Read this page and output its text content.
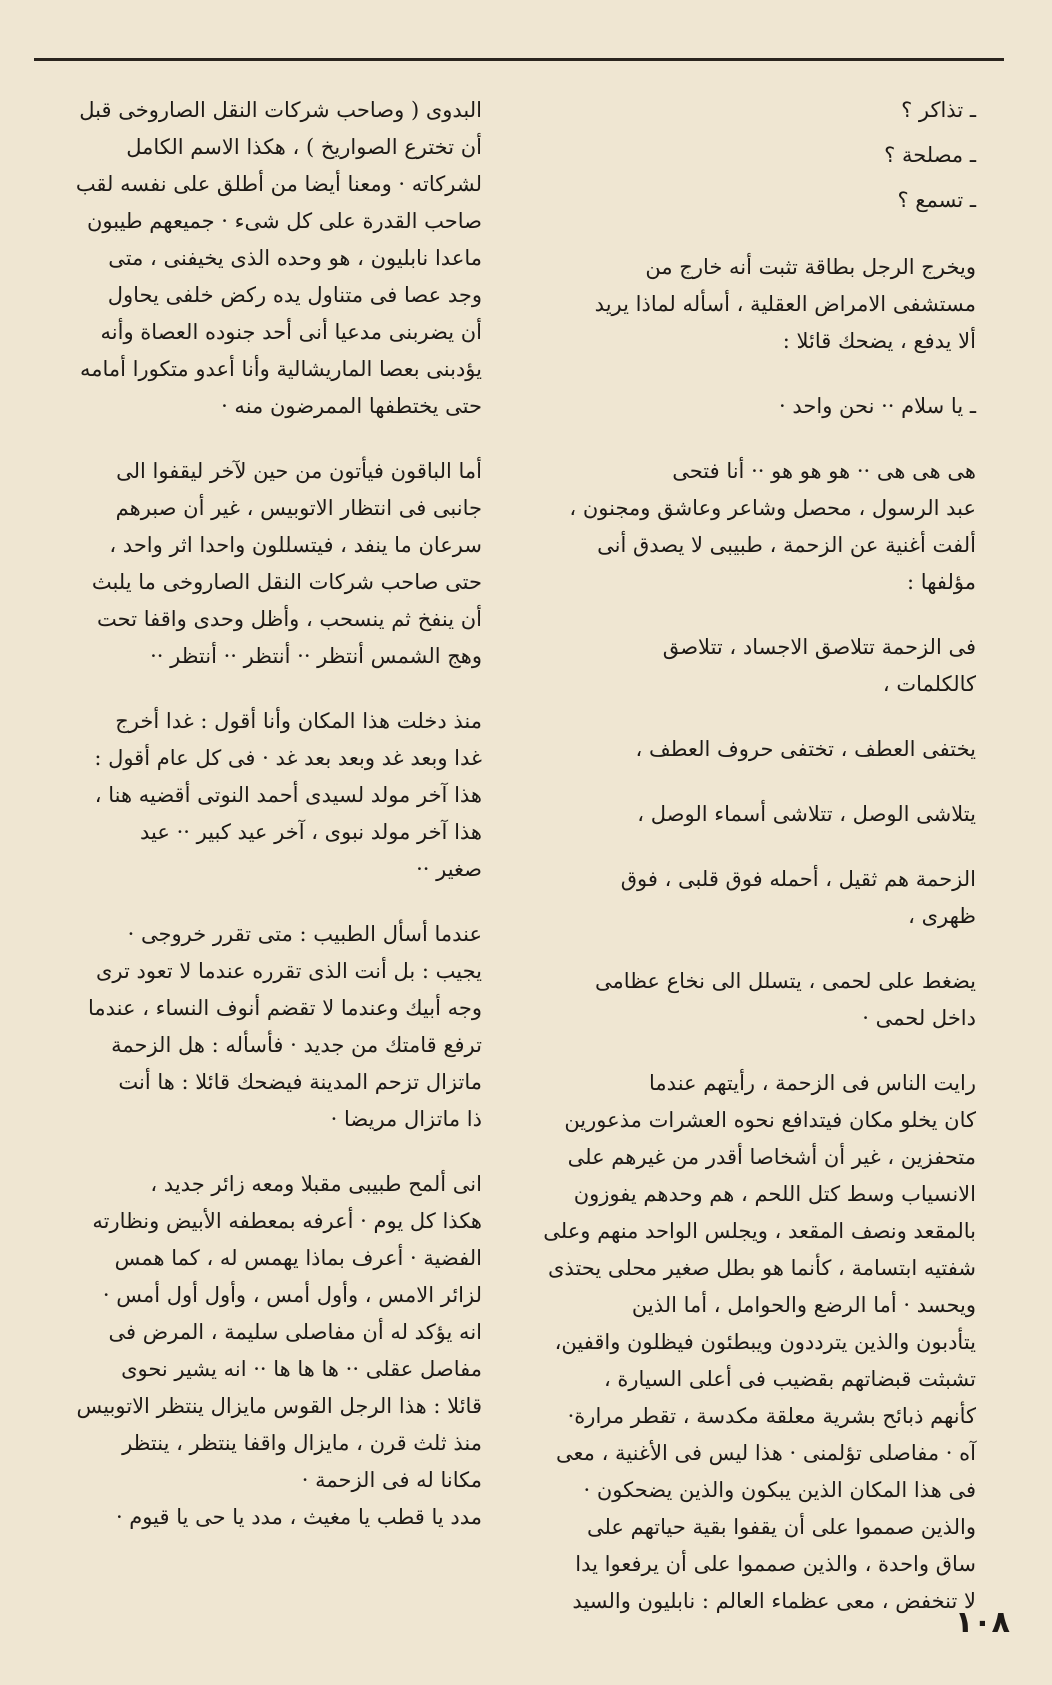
ـ تذاكر ؟
ـ مصلحة ؟
ـ تسمع ؟
ويخرج الرجل بطاقة تثبت أنه خارج من
مستشفى الامراض العقلية ، أسأله لماذا يريد
ألا يدفع ، يضحك قائلا :
ـ يا سلام ·· نحن واحد ·
هى هى هى ·· هو هو هو ·· أنا فتحى
عبد الرسول ، محصل وشاعر وعاشق ومجنون ،
ألفت أغنية عن الزحمة ، طبيبى لا يصدق أنى
مؤلفها :
فى الزحمة تتلاصق الاجساد ، تتلاصق
كالكلمات ،
يختفى العطف ، تختفى حروف العطف ،
يتلاشى الوصل ، تتلاشى أسماء الوصل ،
الزحمة هم ثقيل ، أحمله فوق قلبى ، فوق
ظهرى ،
يضغط على لحمى ، يتسلل الى نخاع عظامى
داخل لحمى ·
رايت الناس فى الزحمة ، رأيتهم عندما
كان يخلو مكان فيتدافع نحوه العشرات مذعورين
متحفزين ، غير أن أشخاصا أقدر من غيرهم على
الانسياب وسط كتل اللحم ، هم وحدهم يفوزون
بالمقعد ونصف المقعد ، ويجلس الواحد منهم وعلى
شفتيه ابتسامة ، كأنما هو بطل صغير محلى يحتذى
ويحسد · أما الرضع والحوامل ، أما الذين
يتأدبون والذين يترددون ويبطئون فيظلون واقفين،
تشبثت قبضاتهم بقضيب فى أعلى السيارة ،
كأنهم ذبائح بشرية معلقة مكدسة ، تقطر مرارة·
آه · مفاصلى تؤلمنى · هذا ليس فى الأغنية ، معى
فى هذا المكان الذين يبكون والذين يضحكون ·
والذين صمموا على أن يقفوا بقية حياتهم على
ساق واحدة ، والذين صمموا على أن يرفعوا يدا
لا تنخفض ، معى عظماء العالم : نابليون والسيد
البدوى ( وصاحب شركات النقل الصاروخى قبل
أن تخترع الصواريخ ) ، هكذا الاسم الكامل
لشركاته · ومعنا أيضا من أطلق على نفسه لقب
صاحب القدرة على كل شىء · جميعهم طيبون
ماعدا نابليون ، هو وحده الذى يخيفنى ، متى
وجد عصا فى متناول يده ركض خلفى يحاول
أن يضربنى مدعيا أنى أحد جنوده العصاة وأنه
يؤدبنى بعصا الماريشالية وأنا أعدو متكورا أمامه
حتى يختطفها الممرضون منه ·
أما الباقون فيأتون من حين لآخر ليقفوا الى
جانبى فى انتظار الاتوبيس ، غير أن صبرهم
سرعان ما ينفد ، فيتسللون واحدا اثر واحد ،
حتى صاحب شركات النقل الصاروخى ما يلبث
أن ينفخ ثم ينسحب ، وأظل وحدى واقفا تحت
وهج الشمس أنتظر ·· أنتظر ·· أنتظر ··
منذ دخلت هذا المكان وأنا أقول : غدا أخرج
غدا وبعد غد وبعد بعد غد · فى كل عام أقول :
هذا آخر مولد لسيدى أحمد النوتى أقضيه هنا ،
هذا آخر مولد نبوى ، آخر عيد كبير ·· عيد
صغير ··
عندما أسأل الطبيب : متى تقرر خروجى ·
يجيب : بل أنت الذى تقرره عندما لا تعود ترى
وجه أبيك وعندما لا تقضم أنوف النساء ، عندما
ترفع قامتك من جديد · فأسأله : هل الزحمة
ماتزال تزحم المدينة فيضحك قائلا : ها أنت
ذا ماتزال مريضا ·
انى ألمح طبيبى مقبلا ومعه زائر جديد ،
هكذا كل يوم · أعرفه بمعطفه الأبيض ونظارته
الفضية · أعرف بماذا يهمس له ، كما همس
لزائر الامس ، وأول أمس ، وأول أول أمس ·
انه يؤكد له أن مفاصلى سليمة ، المرض فى
مفاصل عقلى ·· ها ها ها ·· انه يشير نحوى
قائلا : هذا الرجل القوس مايزال ينتظر الاتوبيس
منذ ثلث قرن ، مايزال واقفا ينتظر ، ينتظر
مكانا له فى الزحمة ·
مدد يا قطب يا مغيث ، مدد يا حى يا قيوم ·
١٠٨
